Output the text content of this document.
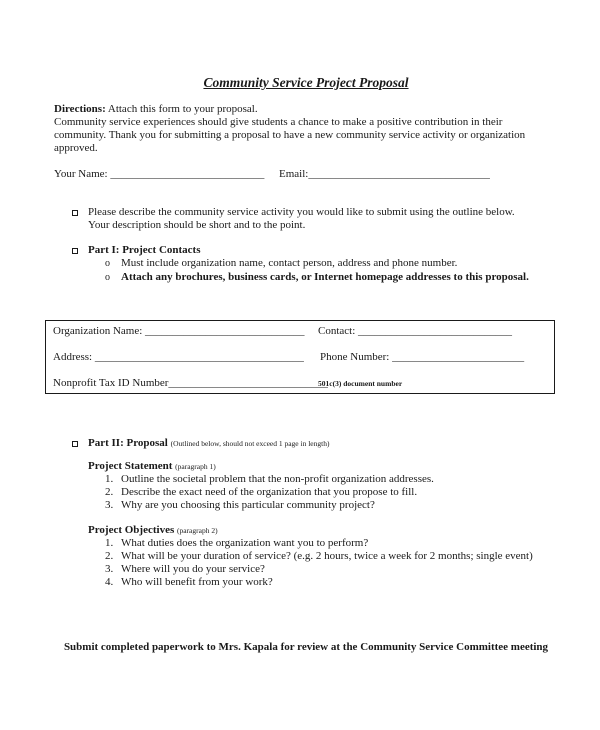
Community Service Project Proposal
Directions: Attach this form to your proposal.
Community service experiences should give students a chance to make a positive contribution in their
community. Thank you for submitting a proposal to have a new community service activity or organization
approved.
Your Name: ____________________________ Email:_________________________________
Please describe the community service activity you would like to submit using the outline below.
Your description should be short and to the point.
Part I: Project Contacts
o Must include organization name, contact person, address and phone number.
o Attach any brochures, business cards, or Internet homepage addresses to this proposal.
Organization Name: _____________________________ Contact: ____________________________
Address: ______________________________________ Phone Number: ________________________
Nonprofit Tax ID Number_____________________________
501c(3) document number
Part II: Proposal (Outlined below, should not exceed 1 page in length)
Project Statement (paragraph 1)
1. Outline the societal problem that the non-profit organization addresses.
2. Describe the exact need of the organization that you propose to fill.
3. Why are you choosing this particular community project?
Project Objectives (paragraph 2)
1. What duties does the organization want you to perform?
2. What will be your duration of service? (e.g. 2 hours, twice a week for 2 months; single event)
3. Where will you do your service?
4. Who will benefit from your work?
Submit completed paperwork to Mrs. Kapala for review at the Community Service Committee meeting
